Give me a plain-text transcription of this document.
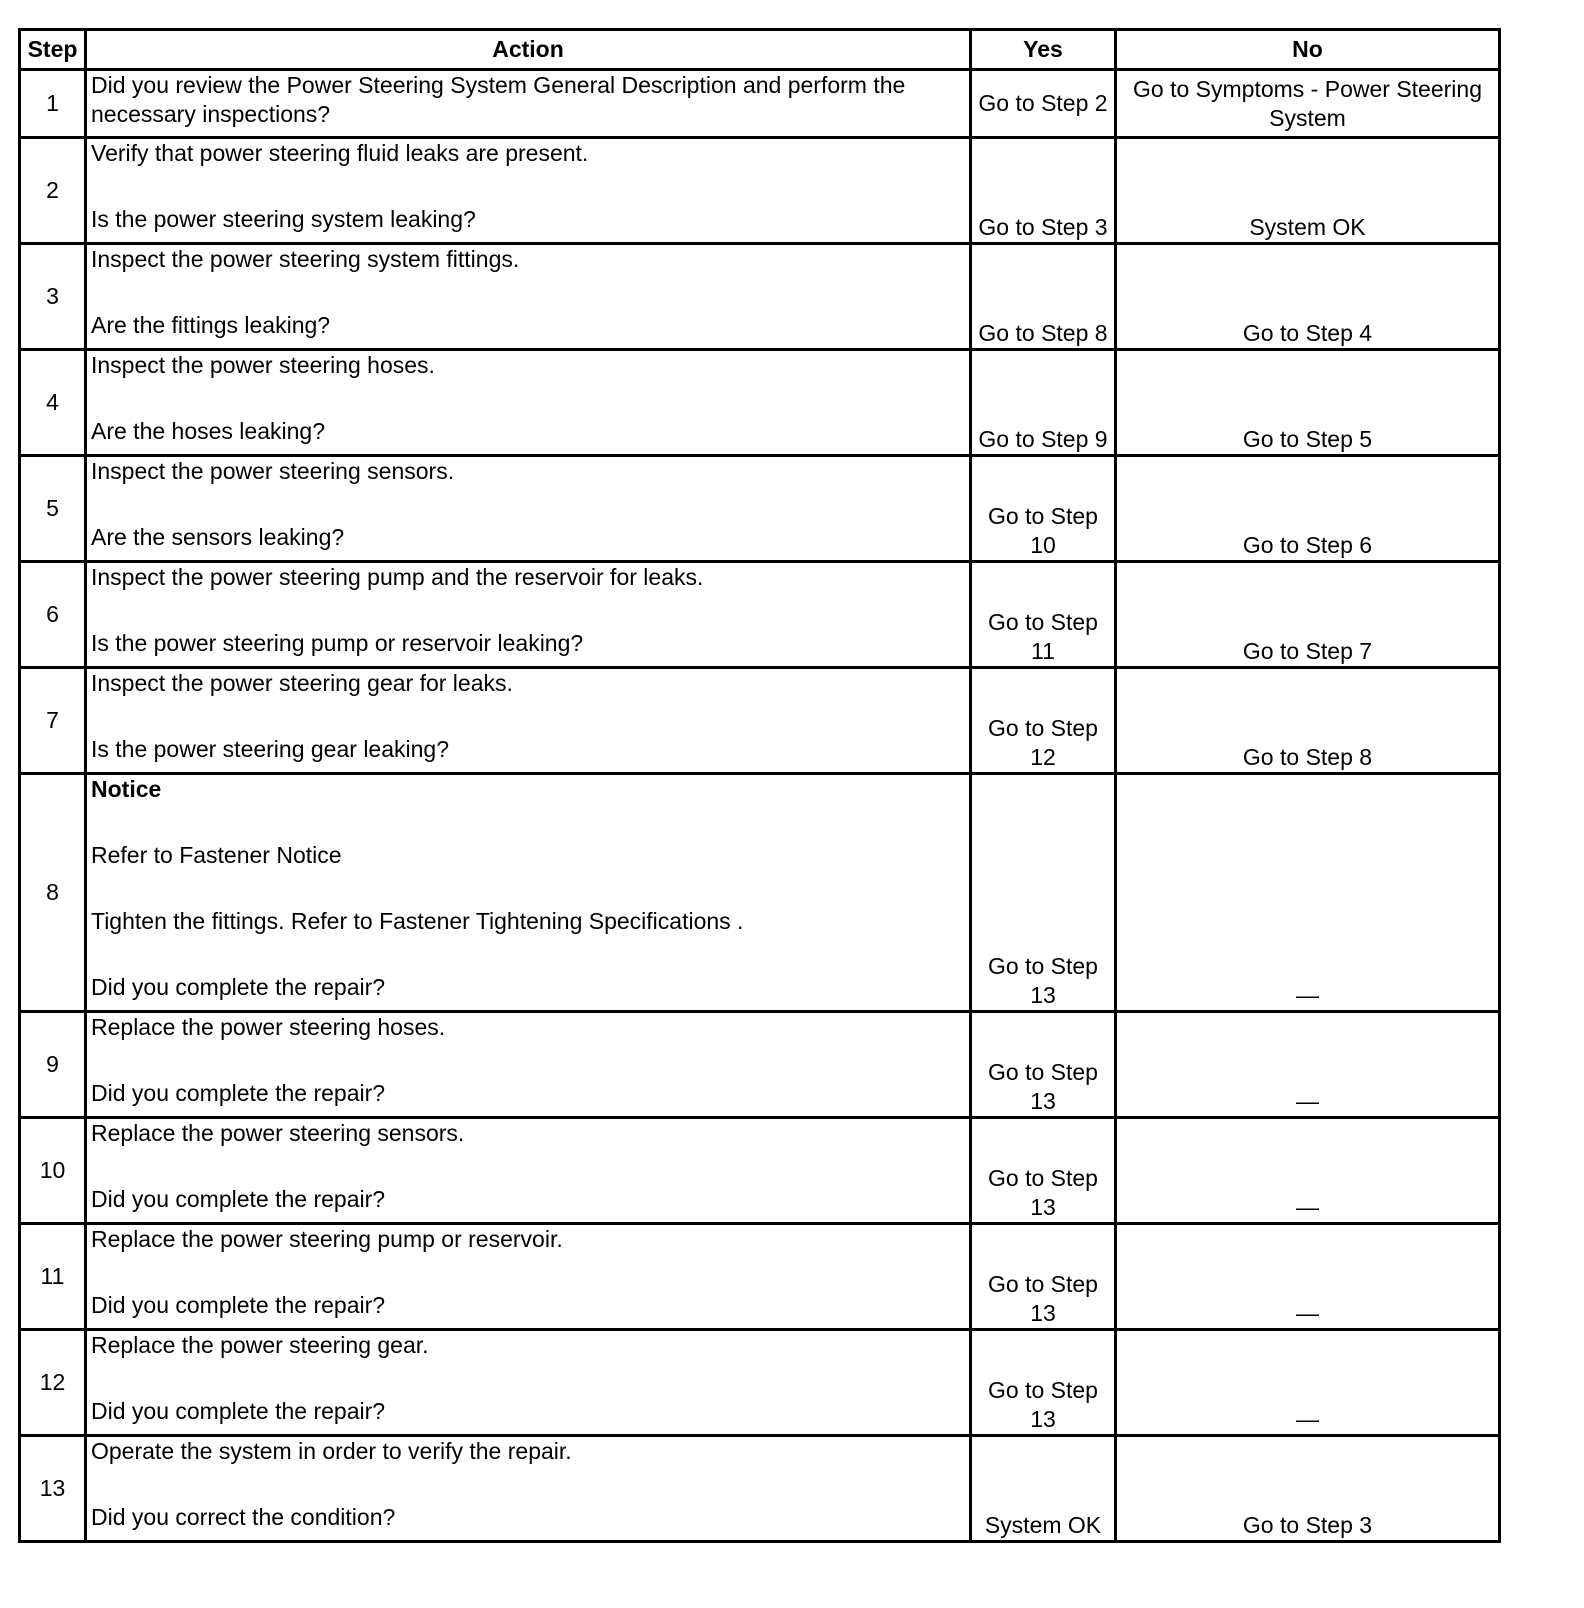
Step	Action	Yes	No
1	Did you review the Power Steering System General Description and perform the necessary inspections?	Go to Step 2	Go to Symptoms - Power Steering System
2	Verify that power steering fluid leaks are present.
Is the power steering system leaking?	Go to Step 3	System OK
3	Inspect the power steering system fittings.
Are the fittings leaking?	Go to Step 8	Go to Step 4
4	Inspect the power steering hoses.
Are the hoses leaking?	Go to Step 9	Go to Step 5
5	Inspect the power steering sensors.
Are the sensors leaking?	Go to Step 10	Go to Step 6
6	Inspect the power steering pump and the reservoir for leaks.
Is the power steering pump or reservoir leaking?	Go to Step 11	Go to Step 7
7	Inspect the power steering gear for leaks.
Is the power steering gear leaking?	Go to Step 12	Go to Step 8
8	Notice
Refer to Fastener Notice
Tighten the fittings. Refer to Fastener Tightening Specifications .
Did you complete the repair?	Go to Step 13	—
9	Replace the power steering hoses.
Did you complete the repair?	Go to Step 13	—
10	Replace the power steering sensors.
Did you complete the repair?	Go to Step 13	—
11	Replace the power steering pump or reservoir.
Did you complete the repair?	Go to Step 13	—
12	Replace the power steering gear.
Did you complete the repair?	Go to Step 13	—
13	Operate the system in order to verify the repair.
Did you correct the condition?	System OK	Go to Step 3
